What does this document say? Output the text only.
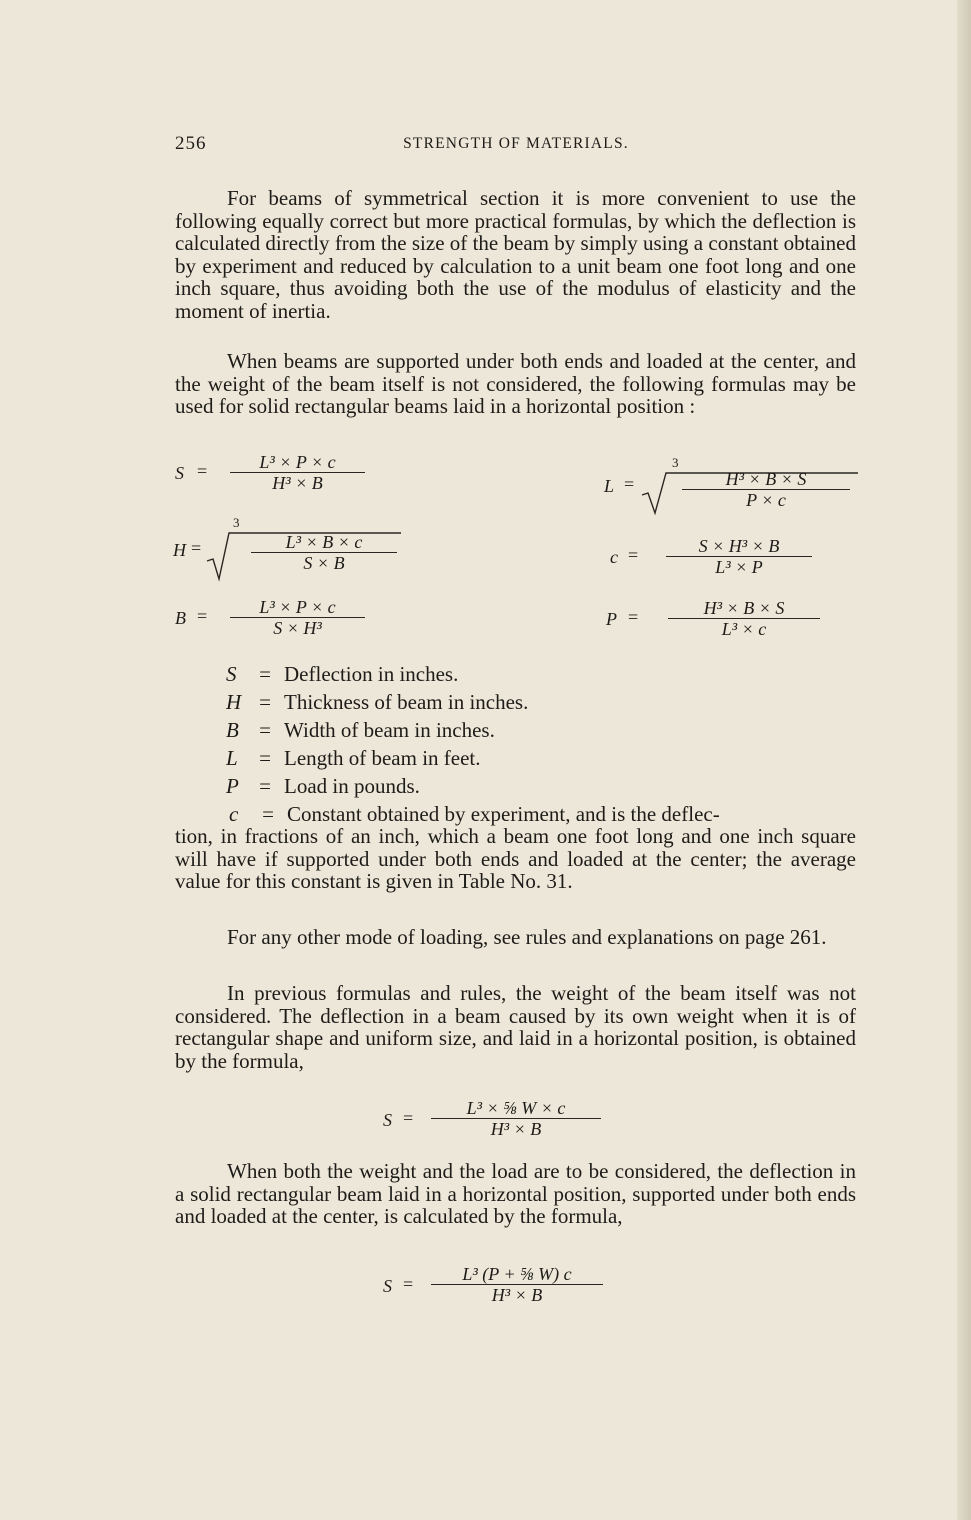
256	STRENGTH OF MATERIALS.

For beams of symmetrical section it is more convenient to use the following equally correct but more practical formulas, by which the deflection is calculated directly from the size of the beam by simply using a constant obtained by experiment and reduced by calculation to a unit beam one foot long and one inch square, thus avoiding both the use of the modulus of elasticity and the moment of inertia.

When beams are supported under both ends and loaded at the center, and the weight of the beam itself is not considered, the following formulas may be used for solid rectangular beams laid in a horizontal position :

$S = \frac{\text{L³ × P × c}}{\text{H³ × B}}$	L =
3
$\frac{\text{H³ × B × S}}{P \times c}$
H =
3
$\frac{\text{L³ × B × c}}{S \times B}$	$c = \frac{\text{S × H³ × B}}{\text{L³ × P}}$
$B = \frac{\text{L³ × P × c}}{\text{S × H³}}$	$P = \frac{\text{H³ × B × S}}{\text{L³ × c}}$
S = Deflection in inches.
H = Thickness of beam in inches.
B = Width of beam in inches.
L = Length of beam in feet.
P = Load in pounds.
c = Constant obtained by experiment, and is the deflec-

tion, in fractions of an inch, which a beam one foot long and one inch square will have if supported under both ends and loaded at the center; the average value for this constant is given in Table No. 31.

For any other mode of loading, see rules and explanations on page 261.

In previous formulas and rules, the weight of the beam itself was not considered. The deflection in a beam caused by its own weight when it is of rectangular shape and uniform size, and laid in a horizontal position, is obtained by the formula,

$S = \frac{\text{L³ × ⅝ W × c}}{\text{H³ × B}}$

When both the weight and the load are to be considered, the deflection in a solid rectangular beam laid in a horizontal position, supported under both ends and loaded at the center, is calculated by the formula,

$S = \frac{\text{L³ (P + ⅝ W) c}}{\text{H³ × B}}$
